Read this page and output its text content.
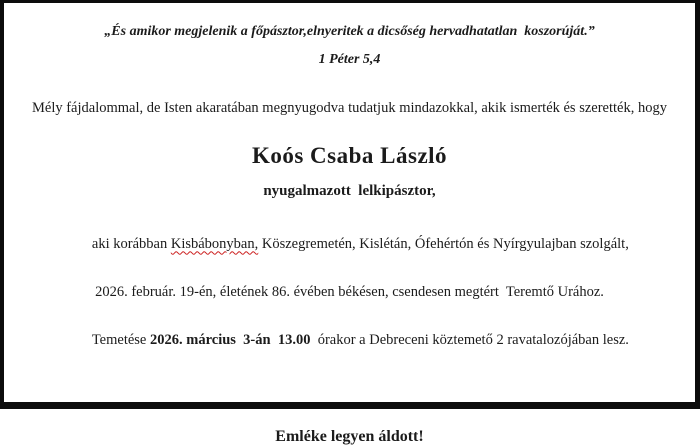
„És amikor megjelenik a főpásztor,elnyeritek a dicsőség hervadhatatlan  koszorúját.”
1 Péter 5,4
Mély fájdalommal, de Isten akaratában megnyugodva tudatjuk mindazokkal, akik ismerték és szerették, hogy
Koós Csaba László
nyugalmazott  lelkipásztor,

aki korábban Kisbábonyban, Köszegremetén, Kislétán, Ófehértón és Nyírgyulajban szolgált,

2026. február. 19-én, életének 86. évében békésen, csendesen megtért  Teremtő Urához.

Temetése 2026. március  3-án  13.00  órakor a Debreceni köztemető 2 ravatalozójában lesz.

Emléke legyen áldott!
